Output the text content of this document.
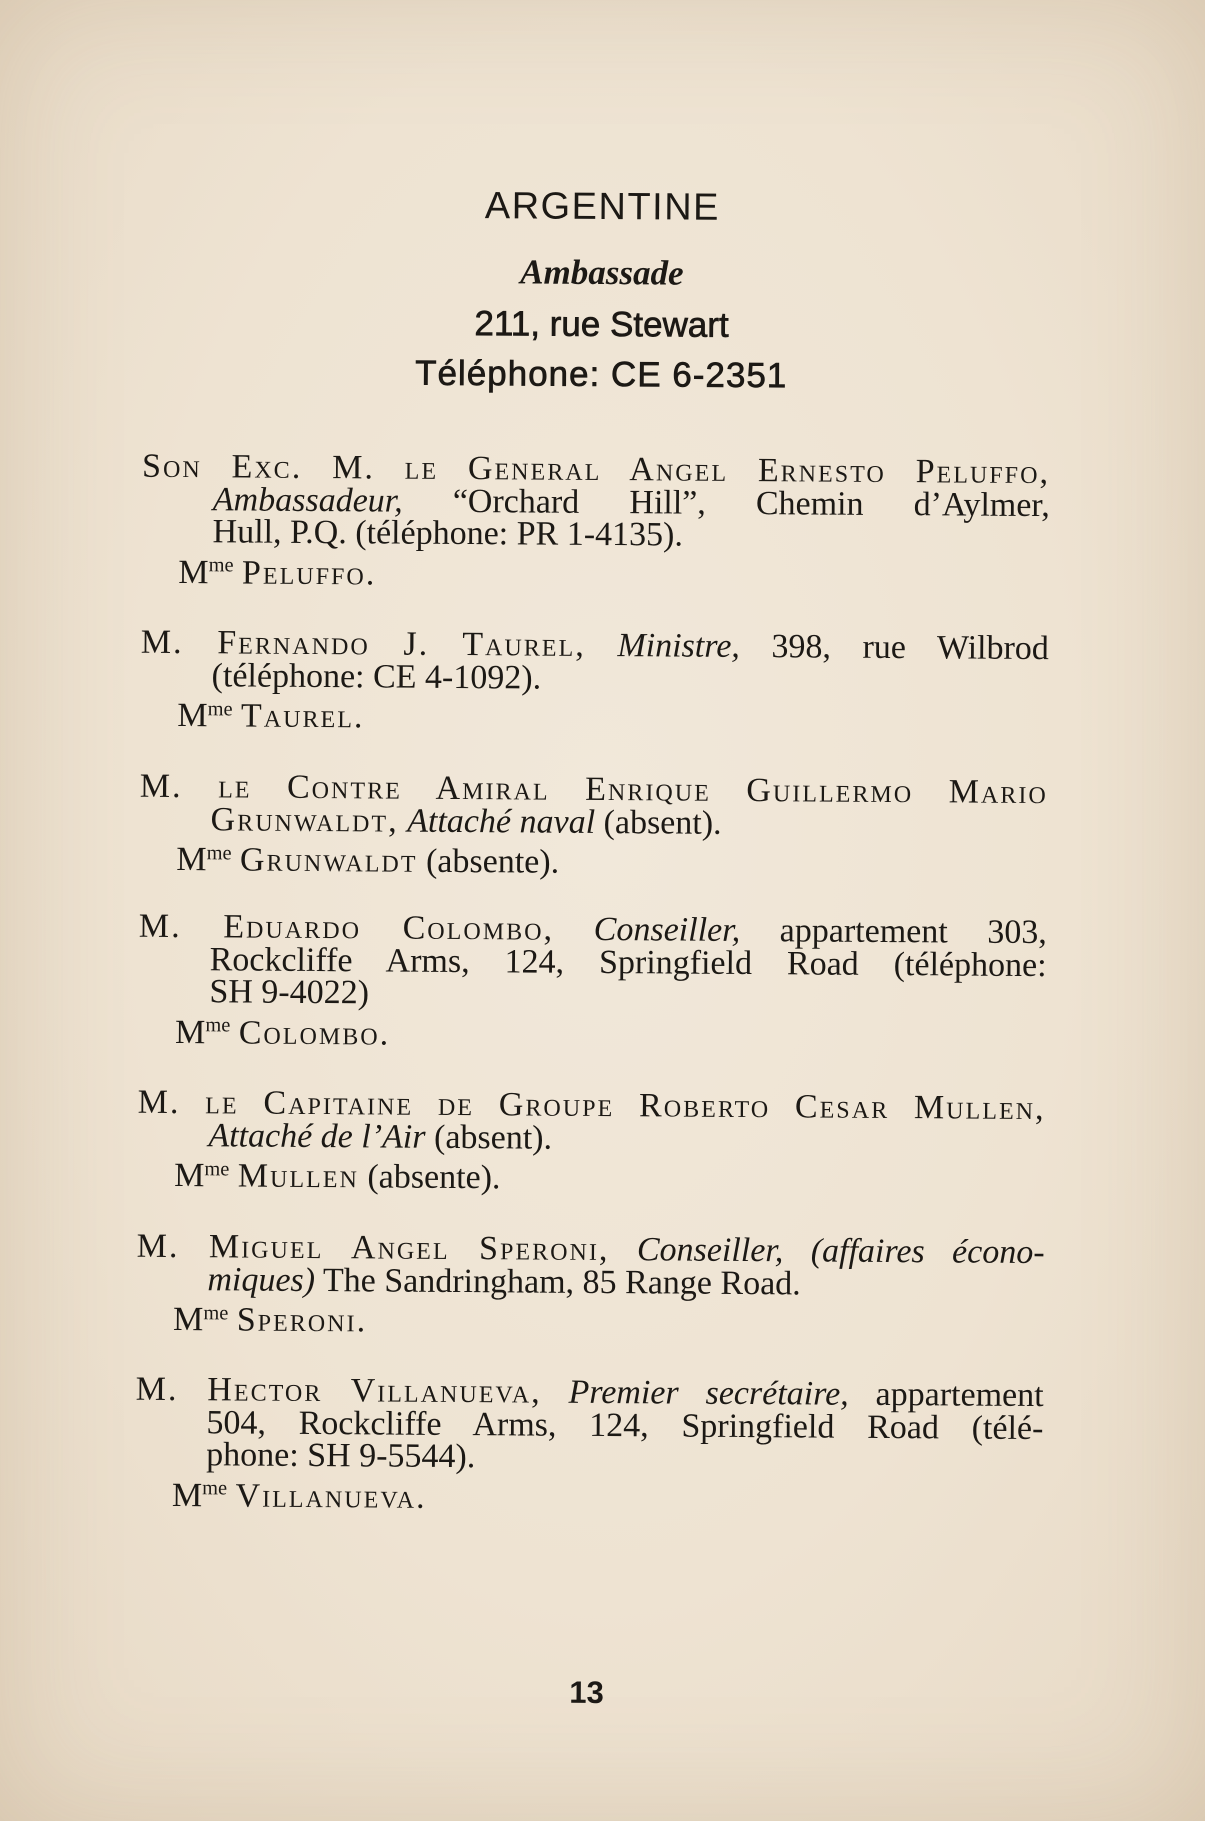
ARGENTINE
Ambassade
211, rue Stewart
Téléphone: CE 6-2351
Son Exc. M. le General Angel Ernesto Peluffo,
Ambassadeur, “Orchard Hill”, Chemin d’Aylmer,
Hull, P.Q. (téléphone: PR 1-4135).
$M^{me}$ Peluffo.
M. Fernando J. Taurel, Ministre, 398, rue Wilbrod
(téléphone: CE 4-1092).
$M^{me}$ Taurel.
M. le Contre Amiral Enrique Guillermo Mario
Grunwaldt, Attaché naval (absent).
$M^{me}$ Grunwaldt (absente).
M. Eduardo Colombo, Conseiller, appartement 303,
Rockcliffe Arms, 124, Springfield Road (téléphone:
SH 9-4022)
$M^{me}$ Colombo.
M. le Capitaine de Groupe Roberto Cesar Mullen,
Attaché de l’Air (absent).
$M^{me}$ Mullen (absente).
M. Miguel Angel Speroni, Conseiller, (affaires écono-
miques) The Sandringham, 85 Range Road.
$M^{me}$ Speroni.
M. Hector Villanueva, Premier secrétaire, appartement
504, Rockcliffe Arms, 124, Springfield Road (télé-
phone: SH 9-5544).
$M^{me}$ Villanueva.
13
